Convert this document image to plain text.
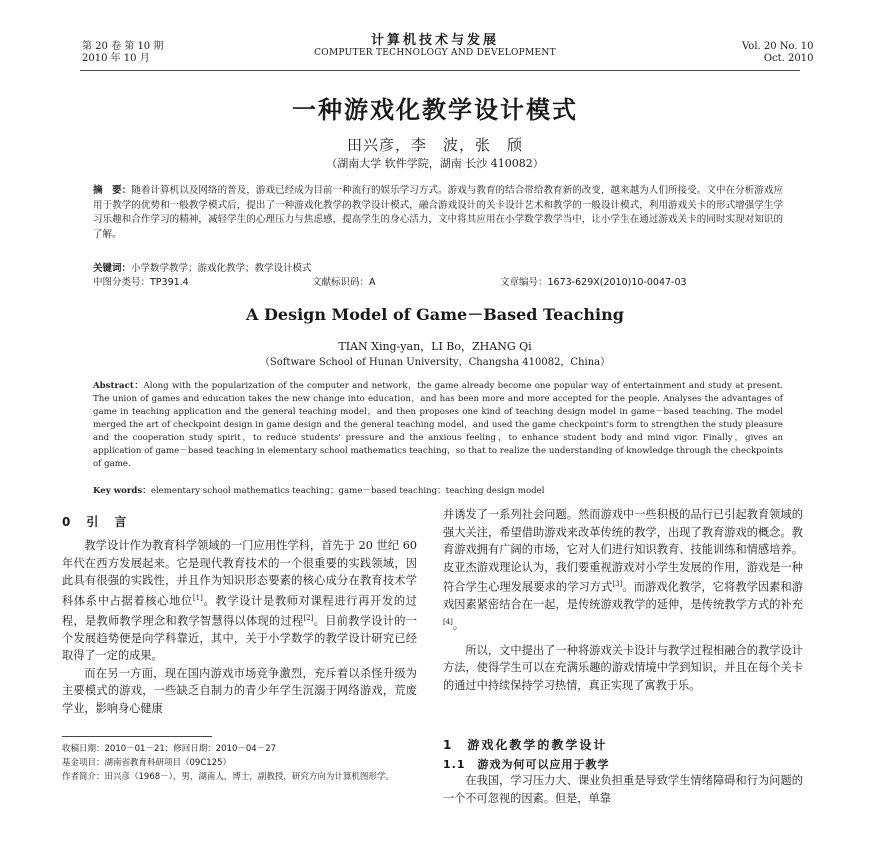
第 20 卷 第 10 期
2010 年 10 月
计算机技术与发展
COMPUTER TECHNOLOGY AND DEVELOPMENT
Vol. 20 No. 10
Oct. 2010
一种游戏化教学设计模式
田兴彦，李　波，张　颀
（湖南大学 软件学院，湖南 长沙 410082）
摘　要：随着计算机以及网络的普及，游戏已经成为目前一种流行的娱乐学习方式。游戏与教育的结合带给教育新的改变，越来越为人们所接受。文中在分析游戏应用于教学的优势和一般教学模式后，提出了一种游戏化教学的教学设计模式，融合游戏设计的关卡设计艺术和教学的一般设计模式，利用游戏关卡的形式增强学生学习乐趣和合作学习的精神，减轻学生的心理压力与焦虑感，提高学生的身心活力，文中将其应用在小学数学教学当中，让小学生在通过游戏关卡的同时实现对知识的了解。
关键词：小学数学教学；游戏化教学；教学设计模式
中图分类号：TP391.4	文献标识码：A	文章编号：1673-629X(2010)10-0047-03
A Design Model of Game－Based Teaching
TIAN Xing-yan，LI Bo，ZHANG Qi
（Software School of Hunan University，Changsha 410082，China）
Abstract：Along with the popularization of the computer and network，the game already become one popular way of entertainment and study at present. The union of games and education takes the new change into education，and has been more and more accepted for the people. Analyses the advantages of game in teaching application and the general teaching model，and then proposes one kind of teaching design model in game－based teaching. The model merged the art of checkpoint design in game design and the general teaching model，and used the game checkpoint's form to strengthen the study pleasure and the cooperation study spirit，to reduce students' pressure and the anxious feeling，to enhance student body and mind vigor. Finally，gives an application of game－based teaching in elementary school mathematics teaching，so that to realize the understanding of knowledge through the checkpoints of game.
Key words：elementary school mathematics teaching；game－based teaching；teaching design model
0　引　言

教学设计作为教育科学领域的一门应用性学科，首先于 20 世纪 60 年代在西方发展起来。它是现代教育技术的一个很重要的实践领域，因此具有很强的实践性，并且作为知识形态要素的核心成分在教育技术学科体系中占据着核心地位[1]。教学设计是教师对课程进行再开发的过程，是教师教学理念和教学智慧得以体现的过程[2]。目前教学设计的一个发展趋势便是向学科靠近，其中，关于小学数学的教学设计研究已经取得了一定的成果。

而在另一方面，现在国内游戏市场竞争激烈，充斥着以杀怪升级为主要模式的游戏，一些缺乏自制力的青少年学生沉溺于网络游戏，荒废学业，影响身心健康

收稿日期：2010－01－21；修回日期：2010－04－27
基金项目：湖南省教育科研项目（09C125）
作者简介：田兴彦（1968－），男，湖南人，博士，副教授，研究方向为计算机图形学。

并诱发了一系列社会问题。然而游戏中一些积极的品行已引起教育领域的强大关注，希望借助游戏来改革传统的教学，出现了教育游戏的概念。教育游戏拥有广阔的市场，它对人们进行知识教育、技能训练和情感培养。皮亚杰游戏理论认为，我们要重视游戏对小学生发展的作用，游戏是一种符合学生心理发展要求的学习方式[3]。而游戏化教学，它将教学因素和游戏因素紧密结合在一起，是传统游戏教学的延伸，是传统教学方式的补充[4]。

所以，文中提出了一种将游戏关卡设计与教学过程相融合的教学设计方法，使得学生可以在充满乐趣的游戏情境中学到知识，并且在每个关卡的通过中持续保持学习热情，真正实现了寓教于乐。

1　游戏化教学的教学设计
1.1　游戏为何可以应用于教学

在我国，学习压力大、课业负担重是导致学生情绪障碍和行为问题的一个不可忽视的因素。但是，单靠
